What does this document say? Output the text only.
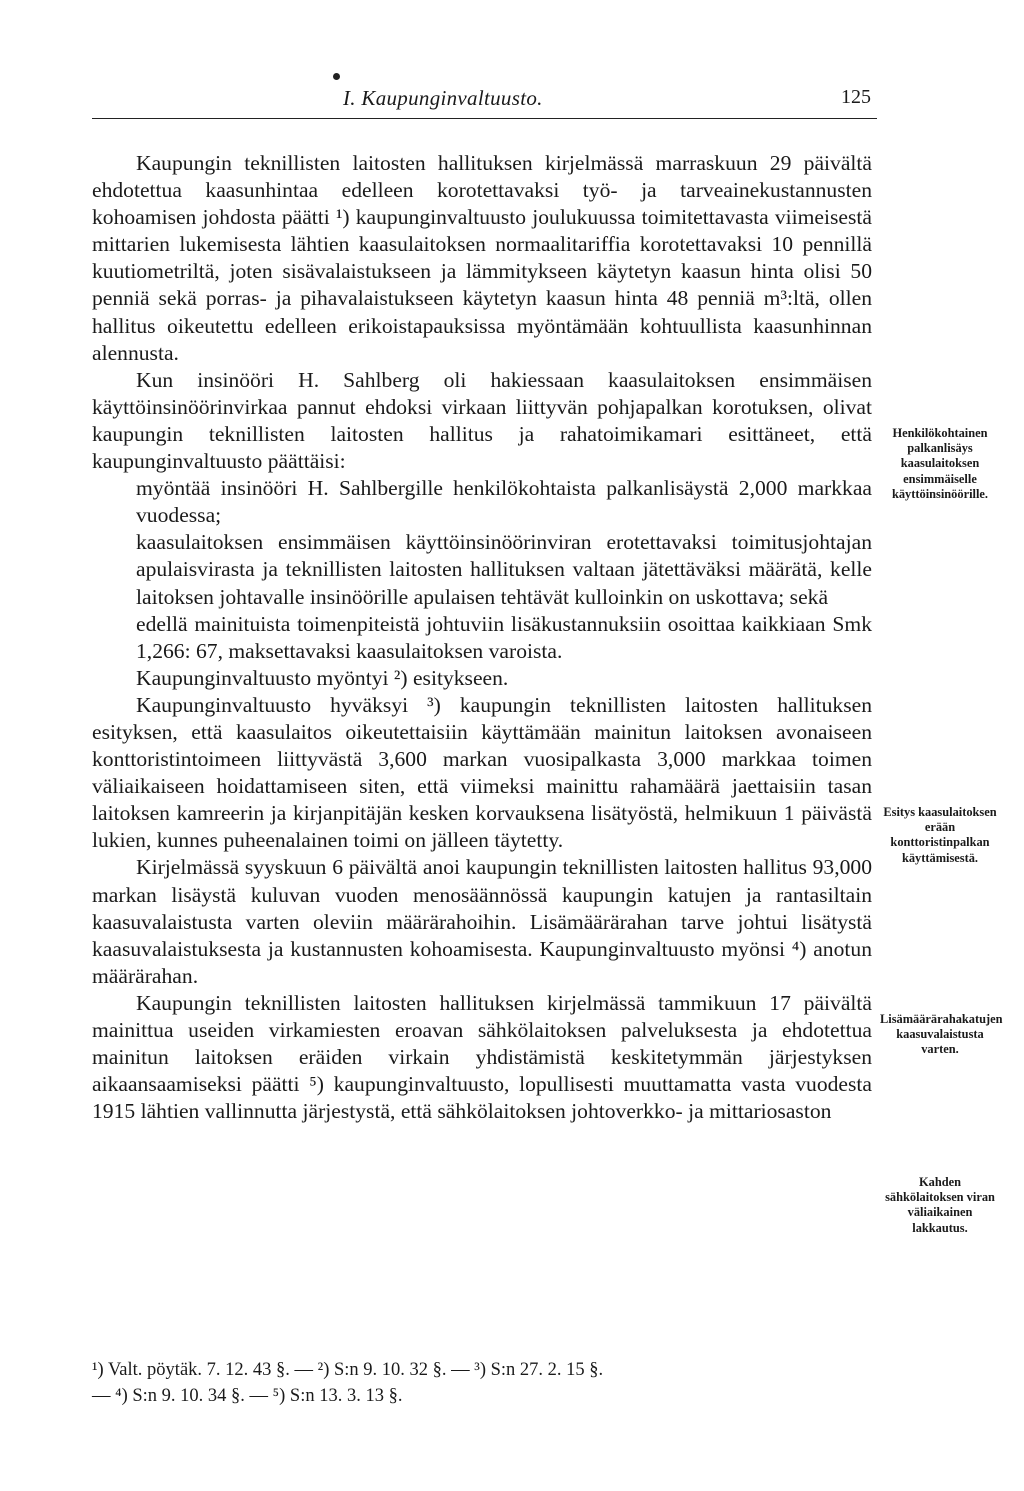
I. Kaupunginvaltuusto.	125

Kaupungin teknillisten laitosten hallituksen kirjelmässä marraskuun 29 päivältä ehdotettua kaasunhintaa edelleen korotettavaksi työ- ja tarveainekustannusten kohoamisen johdosta päätti ¹) kaupunginvaltuusto joulukuussa toimitettavasta viimeisestä mittarien lukemisesta lähtien kaasulaitoksen normaalitariffia korotettavaksi 10 pennillä kuutiometriltä, joten sisävalaistukseen ja lämmitykseen käytetyn kaasun hinta olisi 50 penniä sekä porras- ja pihavalaistukseen käytetyn kaasun hinta 48 penniä m³:ltä, ollen hallitus oikeutettu edelleen erikoistapauksissa myöntämään kohtuullista kaasunhinnan alennusta.

Kun insinööri H. Sahlberg oli hakiessaan kaasulaitoksen ensimmäisen käyttöinsinöörinvirkaa pannut ehdoksi virkaan liittyvän pohjapalkan korotuksen, olivat kaupungin teknillisten laitosten hallitus ja rahatoimikamari esittäneet, että kaupunginvaltuusto päättäisi:

myöntää insinööri H. Sahlbergille henkilökohtaista palkanlisäystä 2,000 markkaa vuodessa;

kaasulaitoksen ensimmäisen käyttöinsinöörinviran erotettavaksi toimitusjohtajan apulaisvirasta ja teknillisten laitosten hallituksen valtaan jätettäväksi määrätä, kelle laitoksen johtavalle insinöörille apulaisen tehtävät kulloinkin on uskottava; sekä

edellä mainituista toimenpiteistä johtuviin lisäkustannuksiin osoittaa kaikkiaan Smk 1,266: 67, maksettavaksi kaasulaitoksen varoista.

Kaupunginvaltuusto myöntyi ²) esitykseen.

Kaupunginvaltuusto hyväksyi ³) kaupungin teknillisten laitosten hallituksen esityksen, että kaasulaitos oikeutettaisiin käyttämään mainitun laitoksen avonaiseen konttoristintoimeen liittyvästä 3,600 markan vuosipalkasta 3,000 markkaa toimen väliaikaiseen hoidattamiseen siten, että viimeksi mainittu rahamäärä jaettaisiin tasan laitoksen kamreerin ja kirjanpitäjän kesken korvauksena lisätyöstä, helmikuun 1 päivästä lukien, kunnes puheenalainen toimi on jälleen täytetty.

Kirjelmässä syyskuun 6 päivältä anoi kaupungin teknillisten laitosten hallitus 93,000 markan lisäystä kuluvan vuoden menosäännössä kaupungin katujen ja rantasiltain kaasuvalaistusta varten oleviin määrärahoihin. Lisämäärärahan tarve johtui lisätystä kaasuvalaistuksesta ja kustannusten kohoamisesta. Kaupunginvaltuusto myönsi ⁴) anotun määrärahan.

Kaupungin teknillisten laitosten hallituksen kirjelmässä tammikuun 17 päivältä mainittua useiden virkamiesten eroavan sähkölaitoksen palveluksesta ja ehdotettua mainitun laitoksen eräiden virkain yhdistämistä keskitetymmän järjestyksen aikaansaamiseksi päätti ⁵) kaupunginvaltuusto, lopullisesti muuttamatta vasta vuodesta 1915 lähtien vallinnutta järjestystä, että sähkölaitoksen johtoverkko- ja mittariosaston

Henkilökohtainen palkanlisäys kaasulaitoksen ensimmäiselle käyttöinsinöörille.
Esitys kaasulaitoksen erään konttoristinpalkan käyttämisestä.
Lisämäärärahakatujen kaasuvalaistusta varten.
Kahden sähkölaitoksen viran väliaikainen lakkautus.
¹) Valt. pöytäk. 7. 12. 43 §. — ²) S:n 9. 10. 32 §. — ³) S:n 27. 2. 15 §.
— ⁴) S:n 9. 10. 34 §. — ⁵) S:n 13. 3. 13 §.
